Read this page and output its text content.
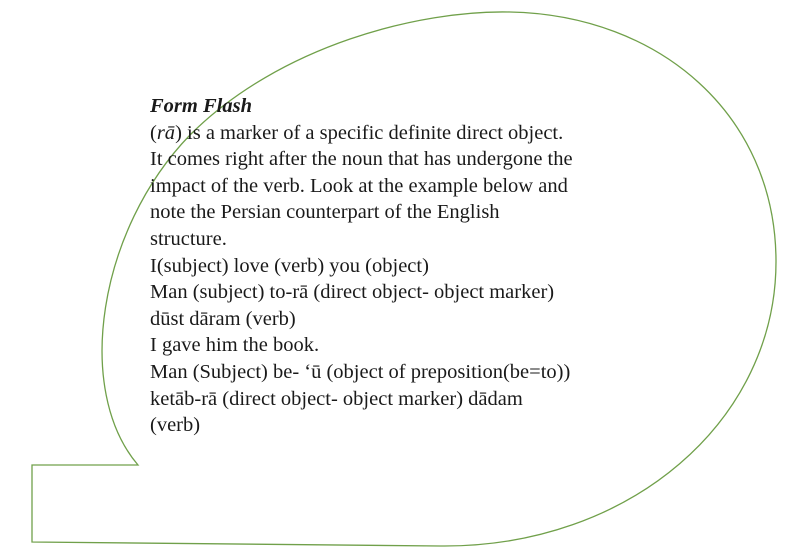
Form Flash
(rā) is a marker of a specific definite direct object.
It comes right after the noun that has undergone the
impact of the verb. Look at the example below and
note the Persian counterpart of the English
structure.
I(subject) love (verb) you (object)
Man (subject) to-rā (direct object- object marker)
dūst dāram (verb)
I gave him the book.
Man (Subject) be- ‘ū (object of preposition(be=to))
ketāb-rā (direct object- object marker) dādam
(verb)
